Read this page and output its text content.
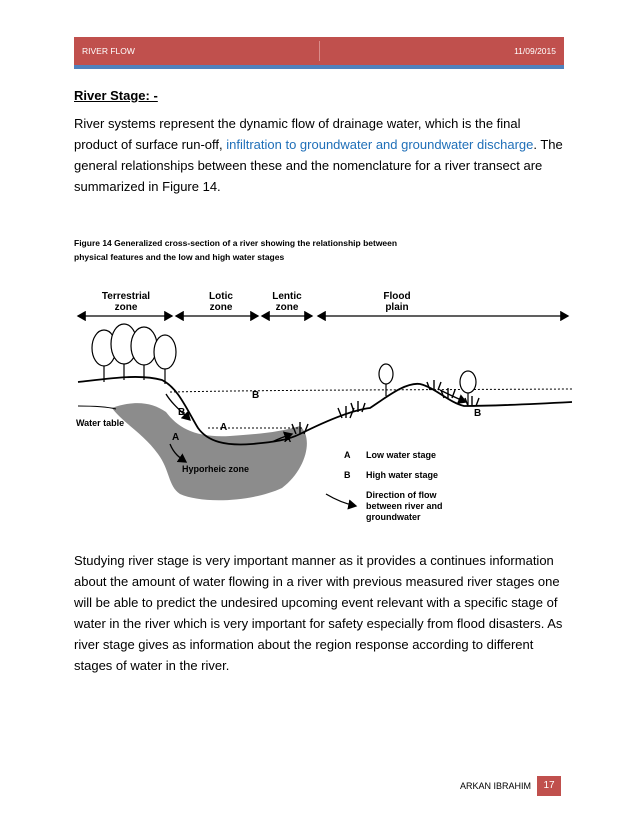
RIVER FLOW	11/09/2015
River Stage: -
River systems represent the dynamic flow of drainage water, which is the final product of surface run-off, infiltration to groundwater and groundwater discharge. The general relationships between these and the nomenclature for a river transect are summarized in Figure 14.
Figure 14 Generalized cross-section of a river showing the relationship between
physical features and the low and high water stages
Terrestrial
zone
Lotic
zone
Lentic
zone
Flood
plain
Water table
B
B
B
A
A
A
Hyporheic zone
A Low water stage
B High water stage
Direction of flow
between river and
groundwater
Studying river stage is very important manner as it provides a continues information about the amount of water flowing in a river with previous measured river stages one will be able to predict the undesired upcoming event relevant with a specific stage of water in the river which is very important for safety especially from flood disasters. As river stage gives as information about the region response according to different stages of water in the river.
ARKAN IBRAHIM	17
